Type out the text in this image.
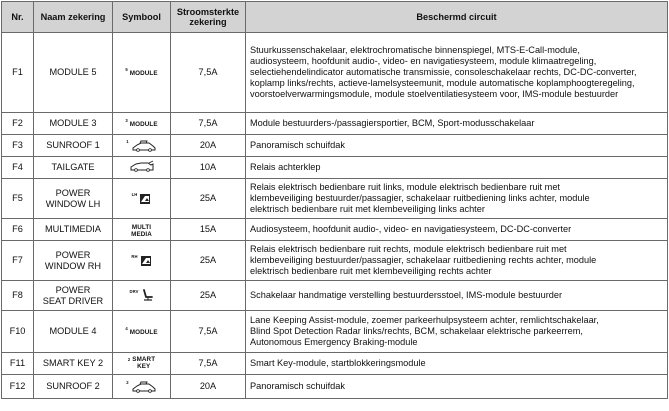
Nr.	Naam zekering	Symbool	Stroomsterkte
zekering	Beschermd circuit
F1	MODULE 5	5
MODULE	7,5A	Stuurkussenschakelaar, elektrochromatische binnenspiegel, MTS-E-Call-module,
audiosysteem, hoofdunit audio-, video- en navigatiesysteem, module klimaatregeling,
selectiehendelindicator automatische transmissie, consoleschakelaar rechts, DC-DC-converter,
koplamp links/rechts, actieve-lamelsysteemunit, module automatische koplamphoogteregeling,
voorstoelverwarmingsmodule, module stoelventilatiesysteem voor, IMS-module bestuurder
F2	MODULE 3	3
MODULE	7,5A	Module bestuurders-/passagiersportier, BCM, Sport-modusschakelaar
F3	SUNROOF 1	1	20A	Panoramisch schuifdak
F4	TAILGATE		10A	Relais achterklep
F5	POWER
WINDOW LH	LH	25A	Relais elektrisch bedienbare ruit links, module elektrisch bedienbare ruit met
klembeveiliging bestuurder/passagier, schakelaar ruitbediening links achter, module
elektrisch bedienbare ruit met klembeveiliging links achter
F6	MULTIMEDIA	MULTI
MEDIA	15A	Audiosysteem, hoofdunit audio-, video- en navigatiesysteem, DC-DC-converter
F7	POWER
WINDOW RH	RH	25A	Relais elektrisch bedienbare ruit rechts, module elektrisch bedienbare ruit met
klembeveiliging bestuurder/passagier, schakelaar ruitbediening rechts achter, module
elektrisch bedienbare ruit met klembeveiliging rechts achter
F8	POWER
SEAT DRIVER	DRV	25A	Schakelaar handmatige verstelling bestuurdersstoel, IMS-module bestuurder
F10	MODULE 4	4
MODULE	7,5A	Lane Keeping Assist-module, zoemer parkeerhulpsysteem achter, remlichtschakelaar,
Blind Spot Detection Radar links/rechts, BCM, schakelaar elektrische parkeerrem,
Autonomous Emergency Braking-module
F11	SMART KEY 2	2 SMART
KEY	7,5A	Smart Key-module, startblokkeringsmodule
F12	SUNROOF 2	2	20A	Panoramisch schuifdak
